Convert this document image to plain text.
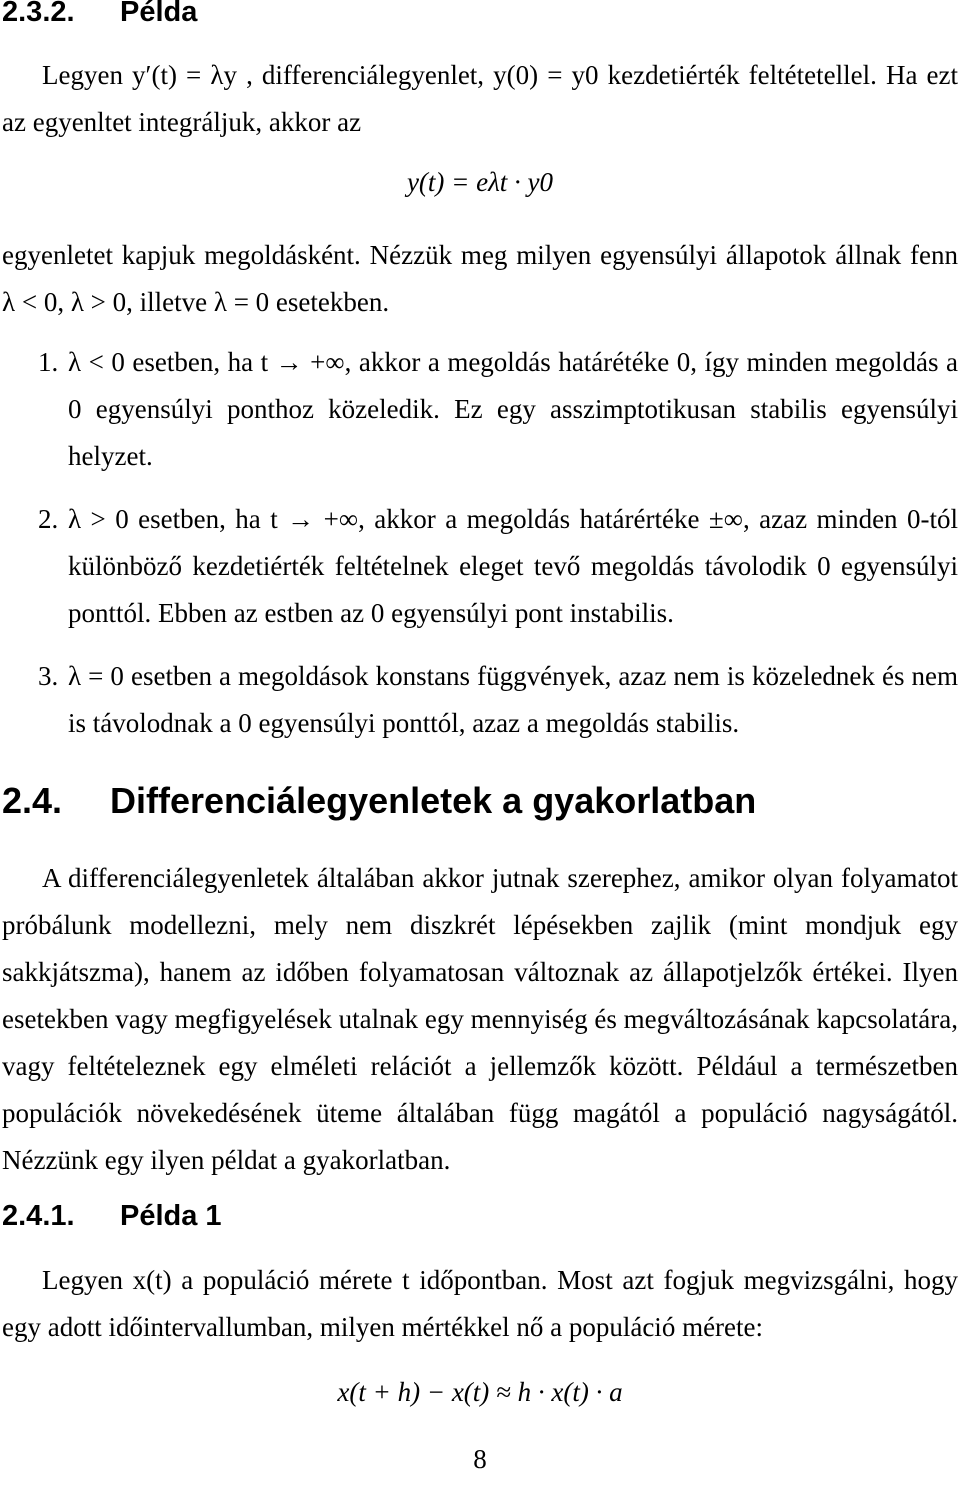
2.3.2. Példa

Legyen y′(t) = λy , differenciálegyenlet, y(0) = y0 kezdetiérték feltétetellel. Ha ezt az egyenltet integráljuk, akkor az

y(t) = eλt · y0

egyenletet kapjuk megoldásként. Nézzük meg milyen egyensúlyi állapotok állnak fenn λ < 0, λ > 0, illetve λ = 0 esetekben.

1. λ < 0 esetben, ha t → +∞, akkor a megoldás határétéke 0, így minden megoldás a 0 egyensúlyi ponthoz közeledik. Ez egy asszimptotikusan stabilis egyensúlyi helyzet.
2. λ > 0 esetben, ha t → +∞, akkor a megoldás határértéke ±∞, azaz minden 0-tól különböző kezdetiérték feltételnek eleget tevő megoldás távolodik 0 egyensúlyi ponttól. Ebben az estben az 0 egyensúlyi pont instabilis.
3. λ = 0 esetben a megoldások konstans függvények, azaz nem is közelednek és nem is távolodnak a 0 egyensúlyi ponttól, azaz a megoldás stabilis.
2.4. Differenciálegyenletek a gyakorlatban

A differenciálegyenletek általában akkor jutnak szerephez, amikor olyan folyamatot próbálunk modellezni, mely nem diszkrét lépésekben zajlik (mint mondjuk egy sakkjátszma), hanem az időben folyamatosan változnak az állapotjelzők értékei. Ilyen esetekben vagy megfigyelések utalnak egy mennyiség és megváltozásának kapcsolatára, vagy feltételeznek egy elméleti relációt a jellemzők között. Például a természetben populációk növekedésének üteme általában függ magától a populáció nagyságától. Nézzünk egy ilyen példat a gyakorlatban.

2.4.1. Példa 1

Legyen x(t) a populáció mérete t időpontban. Most azt fogjuk megvizsgálni, hogy egy adott időintervallumban, milyen mértékkel nő a populáció mérete:

x(t + h) − x(t) ≈ h · x(t) · a
8
